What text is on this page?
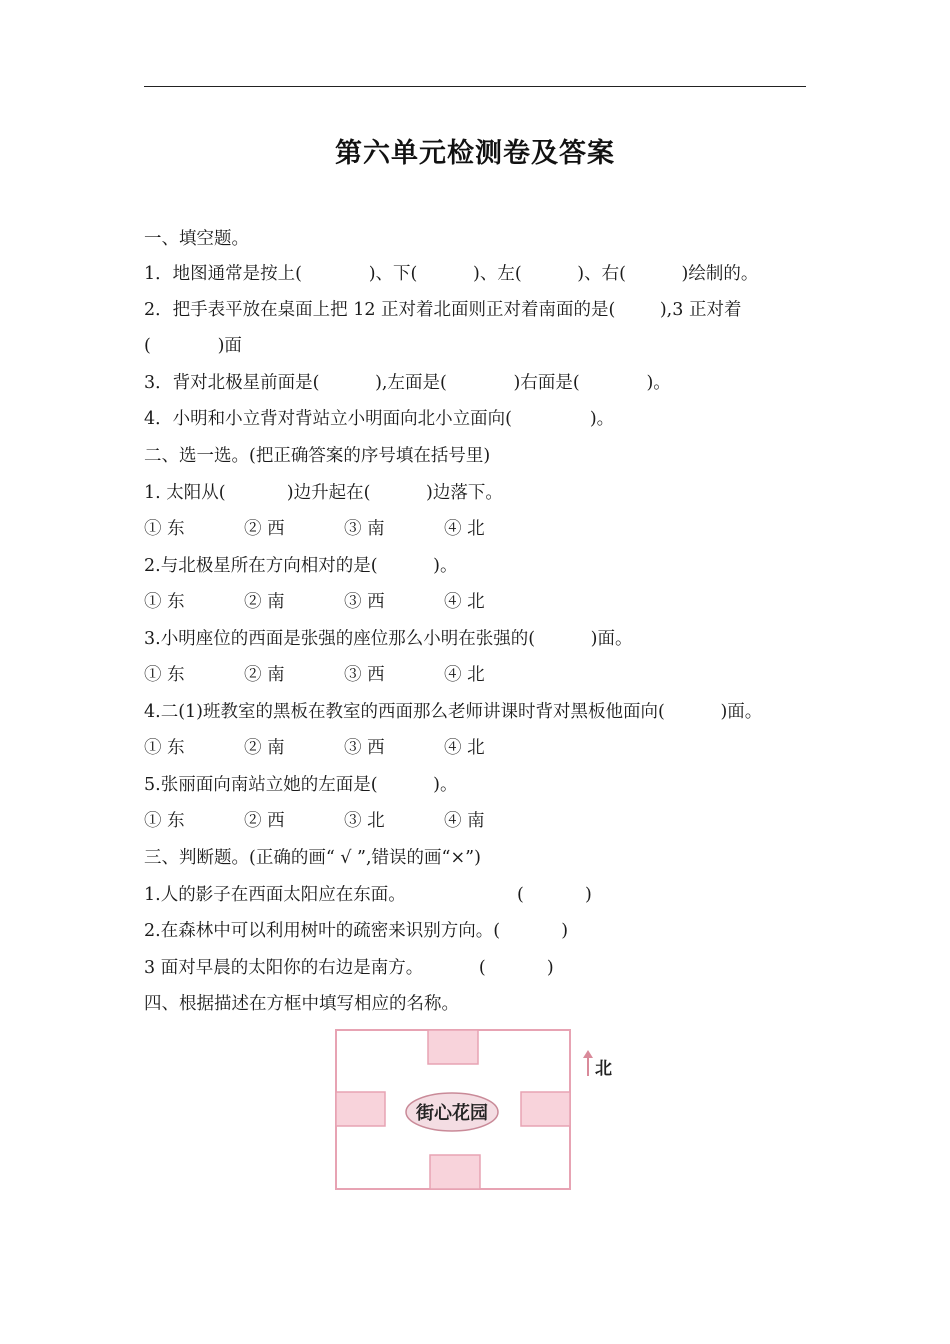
第六单元检测卷及答案
一、填空题。
1．地图通常是按上(            )、下(          )、左(          )、右(          )绘制的。
2．把手表平放在桌面上把 12 正对着北面则正对着南面的是(        ),3 正对着
(            )面
3．背对北极星前面是(          ),左面是(            )右面是(            )。
4．小明和小立背对背站立小明面向北小立面向(              )。
二、选一选。(把正确答案的序号填在括号里)
1. 太阳从(           )边升起在(          )边落下。
① 东	② 西	③ 南	④ 北
2.与北极星所在方向相对的是(          )。
① 东	② 南	③ 西	④ 北
3.小明座位的西面是张强的座位那么小明在张强的(          )面。
① 东	② 南	③ 西	④ 北
4.二(1)班教室的黑板在教室的西面那么老师讲课时背对黑板他面向(          )面。
① 东	② 南	③ 西	④ 北
5.张丽面向南站立她的左面是(          )。
① 东	② 西	③ 北	④ 南
三、判断题。(正确的画“ √ ”,错误的画“×”)
1.人的影子在西面太阳应在东面。                    (           )
2.在森林中可以利用树叶的疏密来识别方向。(           )
3 面对早晨的太阳你的右边是南方。          (           )
四、根据描述在方框中填写相应的名称。
街心花园
北
